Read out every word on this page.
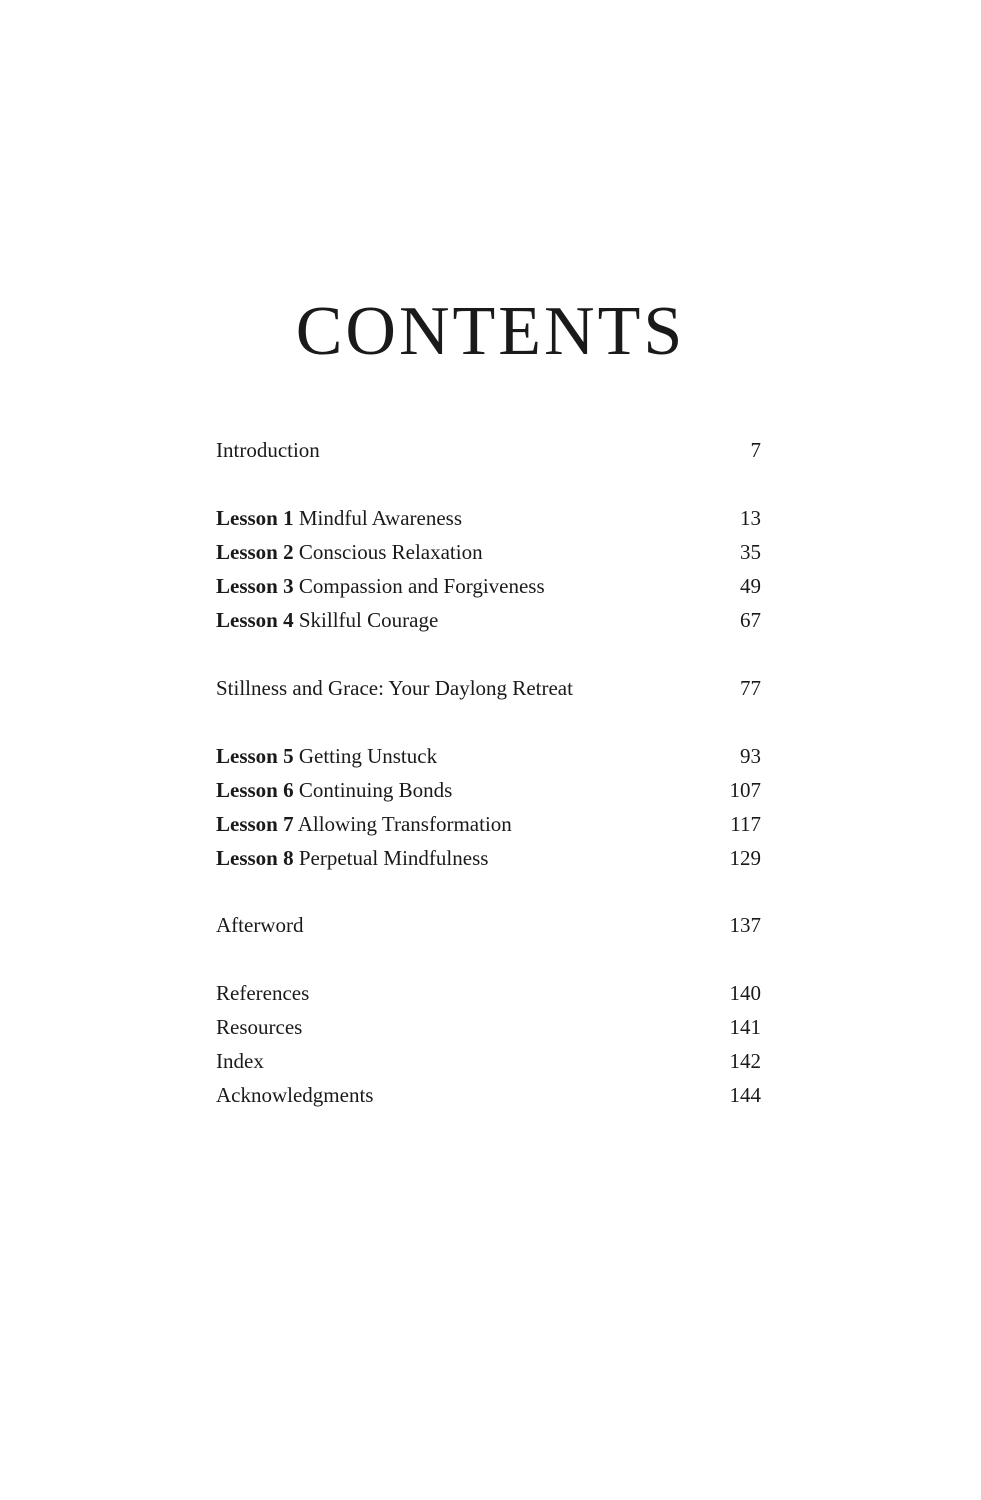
CONTENTS
Introduction	7
Lesson 1 Mindful Awareness	13
Lesson 2 Conscious Relaxation	35
Lesson 3 Compassion and Forgiveness	49
Lesson 4 Skillful Courage	67
Stillness and Grace: Your Daylong Retreat	77
Lesson 5 Getting Unstuck	93
Lesson 6 Continuing Bonds	107
Lesson 7 Allowing Transformation	117
Lesson 8 Perpetual Mindfulness	129
Afterword	137
References	140
Resources	141
Index	142
Acknowledgments	144
